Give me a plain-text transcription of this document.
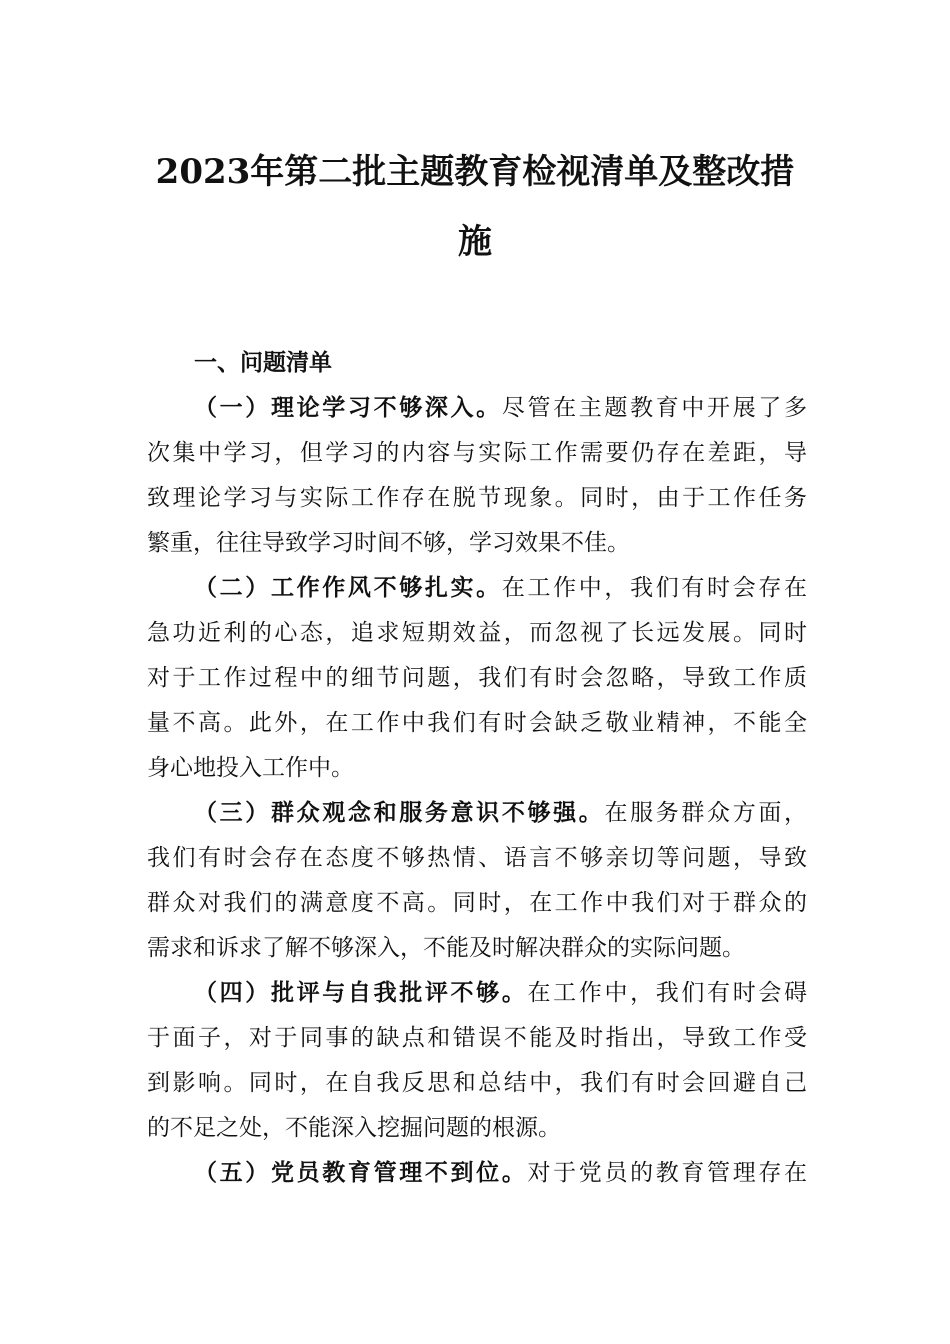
2023年第二批主题教育检视清单及整改措
施
一、问题清单
（一）理论学习不够深入。尽管在主题教育中开展了多
次集中学习，但学习的内容与实际工作需要仍存在差距，导
致理论学习与实际工作存在脱节现象。同时，由于工作任务
繁重，往往导致学习时间不够，学习效果不佳。
（二）工作作风不够扎实。在工作中，我们有时会存在
急功近利的心态，追求短期效益，而忽视了长远发展。同时
对于工作过程中的细节问题，我们有时会忽略，导致工作质
量不高。此外，在工作中我们有时会缺乏敬业精神，不能全
身心地投入工作中。
（三）群众观念和服务意识不够强。在服务群众方面，
我们有时会存在态度不够热情、语言不够亲切等问题，导致
群众对我们的满意度不高。同时，在工作中我们对于群众的
需求和诉求了解不够深入，不能及时解决群众的实际问题。
（四）批评与自我批评不够。在工作中，我们有时会碍
于面子，对于同事的缺点和错误不能及时指出，导致工作受
到影响。同时，在自我反思和总结中，我们有时会回避自己
的不足之处，不能深入挖掘问题的根源。
（五）党员教育管理不到位。对于党员的教育管理存在
